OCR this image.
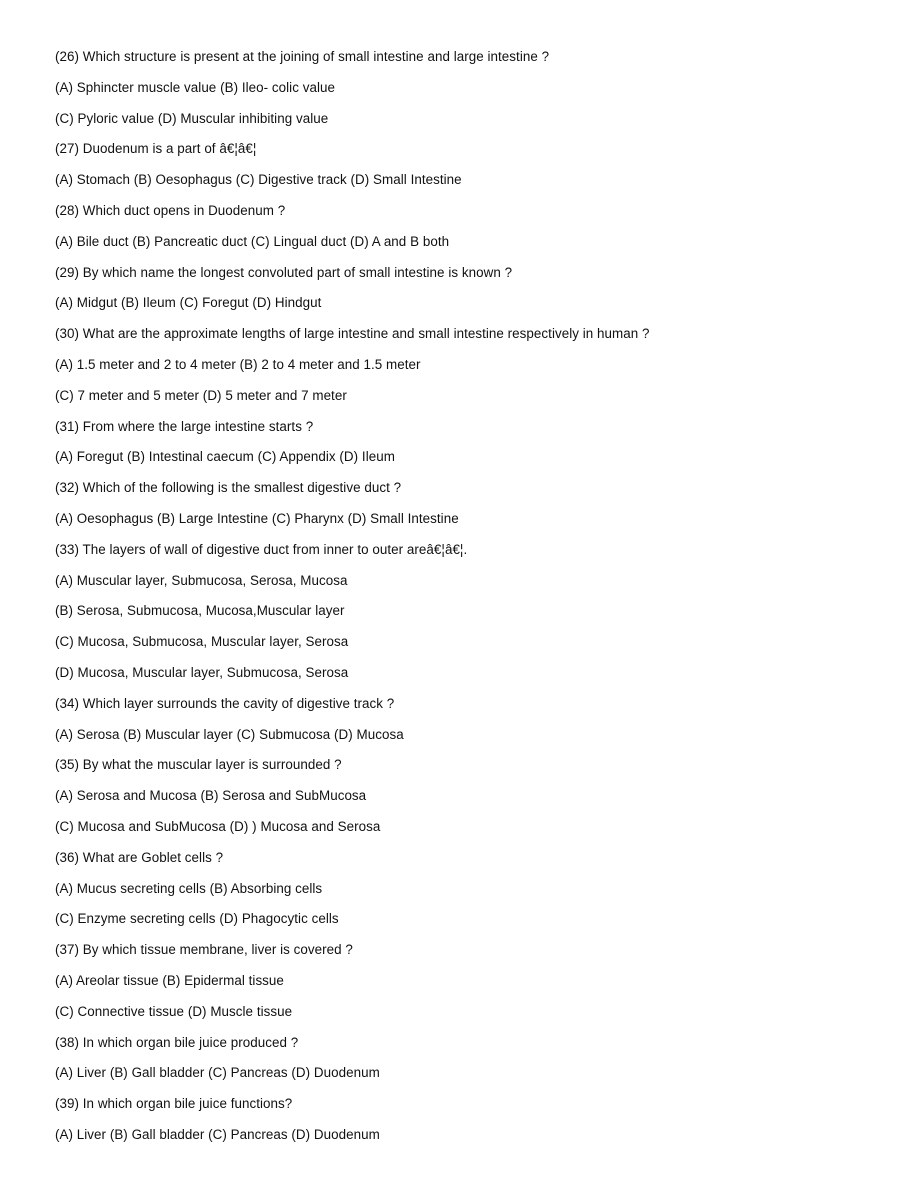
(26) Which structure is present at the joining of small intestine and large intestine ?
(A) Sphincter muscle value (B) Ileo- colic value
(C) Pyloric value (D) Muscular inhibiting value
(27) Duodenum is a part of â€¦â€¦
(A) Stomach (B) Oesophagus (C) Digestive track (D) Small Intestine
(28) Which duct opens in Duodenum ?
(A) Bile duct (B) Pancreatic duct (C) Lingual duct (D) A and B both
(29) By which name the longest convoluted part of small intestine is known ?
(A) Midgut (B) Ileum (C) Foregut (D) Hindgut
(30) What are the approximate lengths of large intestine and small intestine respectively in human ?
(A) 1.5 meter and 2 to 4 meter (B) 2 to 4 meter and 1.5 meter
(C) 7 meter and 5 meter (D) 5 meter and 7 meter
(31) From where the large intestine starts ?
(A) Foregut (B) Intestinal caecum (C) Appendix (D) Ileum
(32) Which of the following is the smallest digestive duct ?
(A) Oesophagus (B) Large Intestine (C) Pharynx (D) Small Intestine
(33) The layers of wall of digestive duct from inner to outer areâ€¦â€¦.
(A) Muscular layer, Submucosa, Serosa, Mucosa
(B) Serosa, Submucosa, Mucosa,Muscular layer
(C) Mucosa, Submucosa, Muscular layer, Serosa
(D) Mucosa, Muscular layer, Submucosa, Serosa
(34) Which layer surrounds the cavity of digestive track ?
(A) Serosa (B) Muscular layer (C) Submucosa (D) Mucosa
(35) By what the muscular layer is surrounded ?
(A) Serosa and Mucosa (B) Serosa and SubMucosa
(C) Mucosa and SubMucosa (D) ) Mucosa and Serosa
(36) What are Goblet cells ?
(A) Mucus secreting cells (B) Absorbing cells
(C) Enzyme secreting cells (D) Phagocytic cells
(37) By which tissue membrane, liver is covered ?
(A) Areolar tissue (B) Epidermal tissue
(C) Connective tissue (D) Muscle tissue
(38) In which organ bile juice produced ?
(A) Liver (B) Gall bladder (C) Pancreas (D) Duodenum
(39) In which organ bile juice functions?
(A) Liver (B) Gall bladder (C) Pancreas (D) Duodenum
